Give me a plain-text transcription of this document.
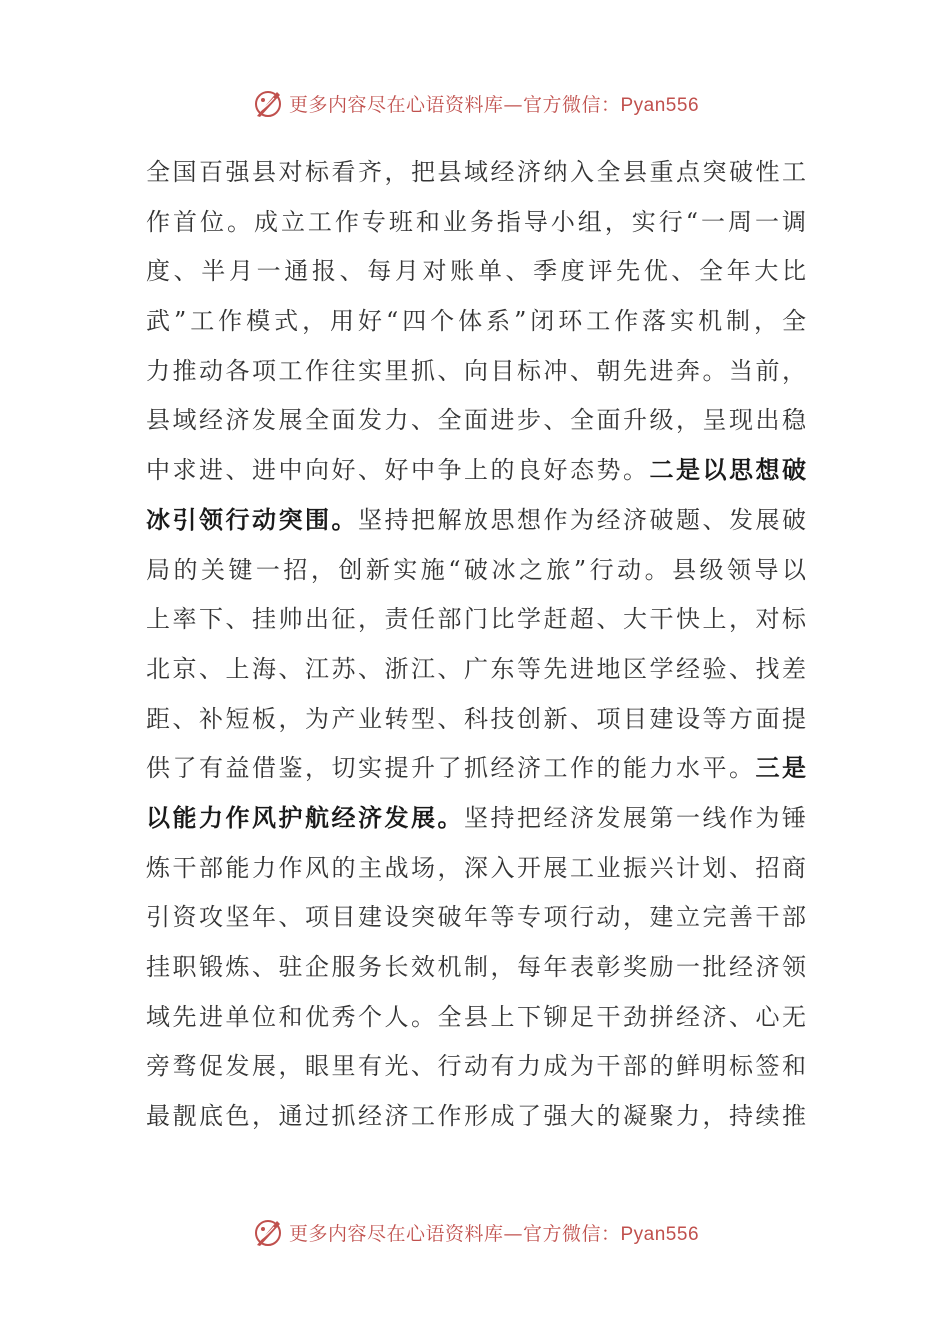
更多内容尽在心语资料库—官方微信：Pyan556
全国百强县对标看齐，把县域经济纳入全县重点突破性工
作首位。成立工作专班和业务指导小组，实行“一周一调
度、半月一通报、每月对账单、季度评先优、全年大比
武”工作模式，用好“四个体系”闭环工作落实机制，全
力推动各项工作往实里抓、向目标冲、朝先进奔。当前，
县域经济发展全面发力、全面进步、全面升级，呈现出稳
中求进、进中向好、好中争上的良好态势。二是以思想破
冰引领行动突围。坚持把解放思想作为经济破题、发展破
局的关键一招，创新实施“破冰之旅”行动。县级领导以
上率下、挂帅出征，责任部门比学赶超、大干快上，对标
北京、上海、江苏、浙江、广东等先进地区学经验、找差
距、补短板，为产业转型、科技创新、项目建设等方面提
供了有益借鉴，切实提升了抓经济工作的能力水平。三是
以能力作风护航经济发展。坚持把经济发展第一线作为锤
炼干部能力作风的主战场，深入开展工业振兴计划、招商
引资攻坚年、项目建设突破年等专项行动，建立完善干部
挂职锻炼、驻企服务长效机制，每年表彰奖励一批经济领
域先进单位和优秀个人。全县上下铆足干劲拼经济、心无
旁骛促发展，眼里有光、行动有力成为干部的鲜明标签和
最靓底色，通过抓经济工作形成了强大的凝聚力，持续推
更多内容尽在心语资料库—官方微信：Pyan556
